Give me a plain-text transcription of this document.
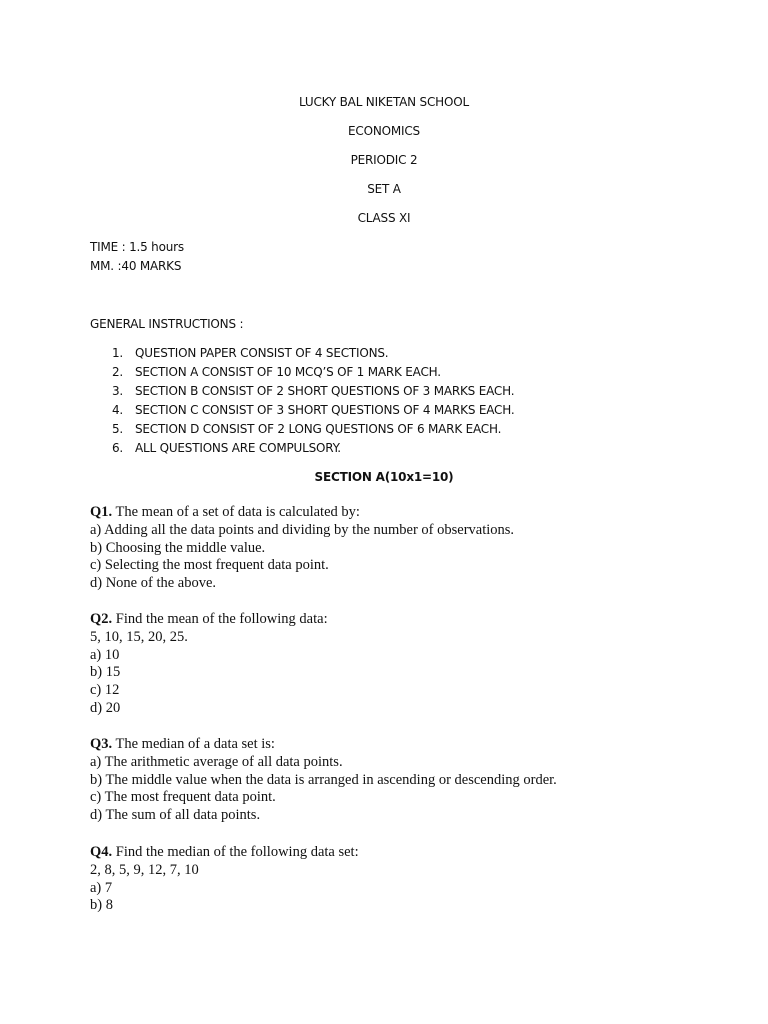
LUCKY BAL NIKETAN SCHOOL
ECONOMICS
PERIODIC 2
SET A
CLASS XI
TIME : 1.5 hours
MM. :40 MARKS
GENERAL INSTRUCTIONS :
1. QUESTION PAPER CONSIST OF 4 SECTIONS.
2. SECTION A CONSIST OF 10 MCQ’S OF 1 MARK EACH.
3. SECTION B CONSIST OF 2 SHORT QUESTIONS OF 3 MARKS EACH.
4. SECTION C CONSIST OF 3 SHORT QUESTIONS OF 4 MARKS EACH.
5. SECTION D CONSIST OF 2 LONG QUESTIONS OF 6 MARK EACH.
6. ALL QUESTIONS ARE COMPULSORY.
SECTION A(10x1=10)
Q1. The mean of a set of data is calculated by:
a) Adding all the data points and dividing by the number of observations.
b) Choosing the middle value.
c) Selecting the most frequent data point.
d) None of the above.
Q2. Find the mean of the following data:
5, 10, 15, 20, 25.
a) 10
b) 15
c) 12
d) 20
Q3. The median of a data set is:
a) The arithmetic average of all data points.
b) The middle value when the data is arranged in ascending or descending order.
c) The most frequent data point.
d) The sum of all data points.
Q4. Find the median of the following data set:
2, 8, 5, 9, 12, 7, 10
a) 7
b) 8
